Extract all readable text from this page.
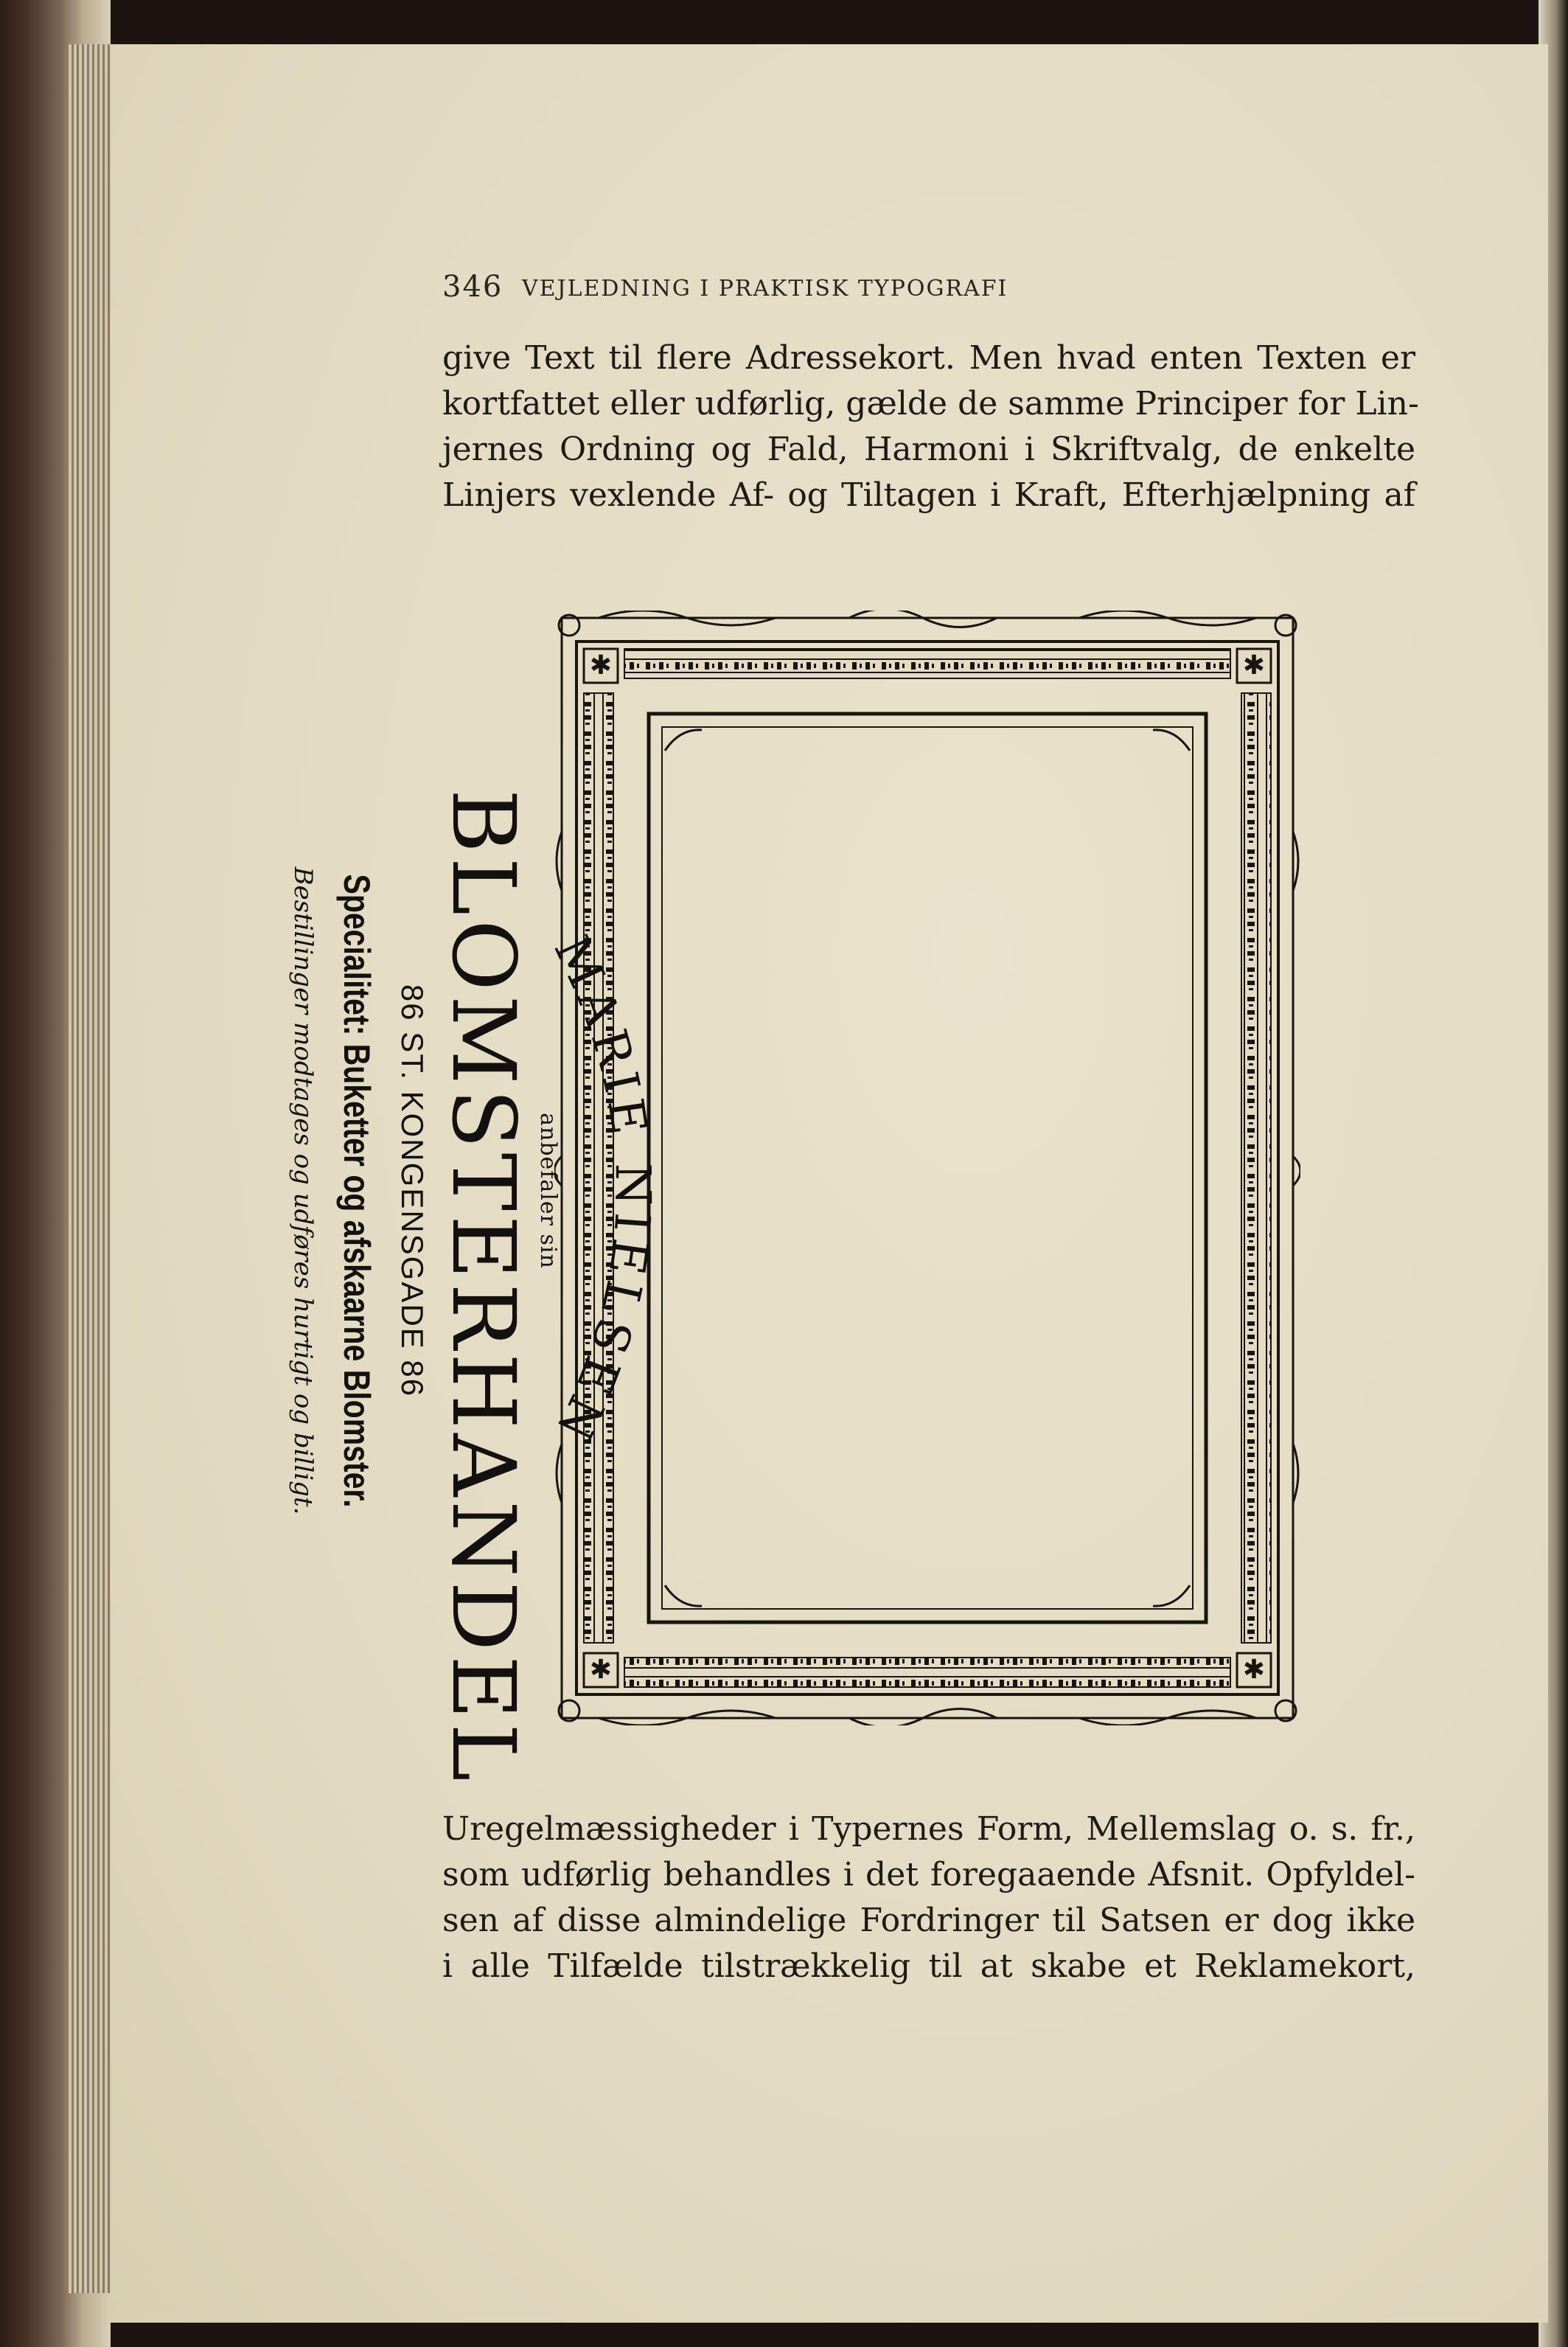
346 VEJLEDNING I PRAKTISK TYPOGRAFI
give Text til flere Adressekort. Men hvad enten Texten er
kortfattet eller udførlig, gælde de samme Principer for Lin-
jernes Ordning og Fald, Harmoni i Skriftvalg, de enkelte
Linjers vexlende Af- og Tiltagen i Kraft, Efterhjælpning af
✱	✱
✱	✱
MARIE NIELSEN
anbefaler sin
BLOMSTERHANDEL
86 ST. KONGENSGADE 86
Specialitet: Buketter og afskaarne Blomster.
Bestillinger modtages og udføres hurtigt og billigt.
Uregelmæssigheder i Typernes Form, Mellemslag o. s. fr.,
som udførlig behandles i det foregaaende Afsnit. Opfyldel-
sen af disse almindelige Fordringer til Satsen er dog ikke
i alle Tilfælde tilstrækkelig til at skabe et Reklamekort,
